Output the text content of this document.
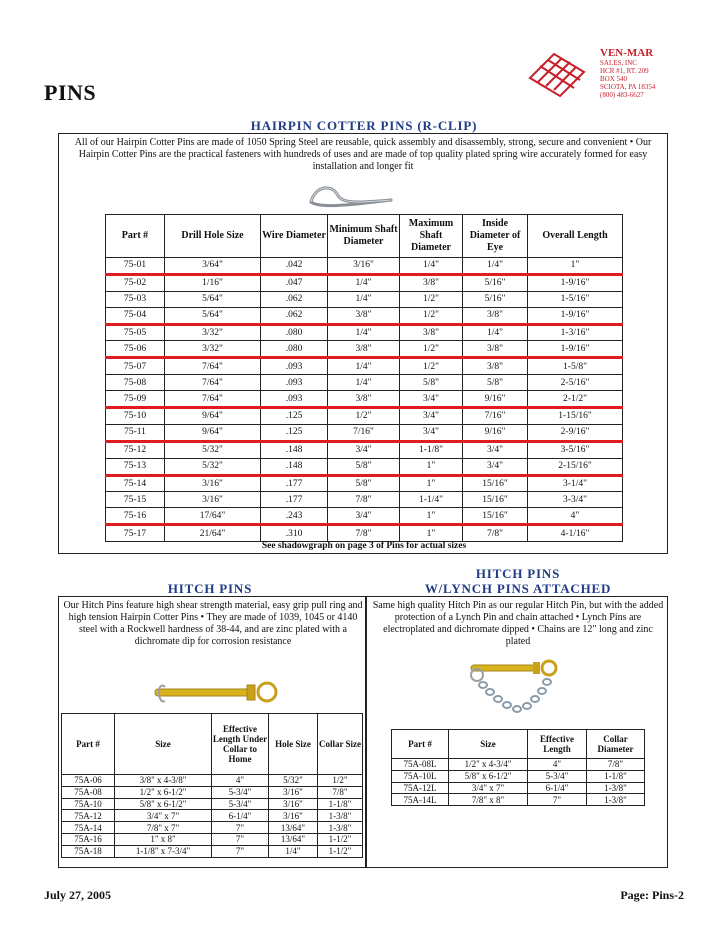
VEN-MAR
SALES, INC
HCR #1, RT. 209
BOX 540
SCIOTA, PA 18354
(800) 483-6627
PINS
HAIRPIN COTTER PINS (R-CLIP)
All of our Hairpin Cotter Pins are made of 1050 Spring Steel are reusable, quick assembly and disassembly, strong, secure and convenient • Our Hairpin Cotter Pins are the practical fasteners with hundreds of uses and are made of top quality plated spring wire accurately formed for easy installation and longer fit
Part #	Drill Hole Size	Wire Diameter	Minimum Shaft Diameter	Maximum Shaft Diameter	Inside Diameter of Eye	Overall Length
75-01	3/64"	.042	3/16"	1/4"	1/4"	1"
75-02	1/16"	.047	1/4"	3/8"	5/16"	1-9/16"
75-03	5/64"	.062	1/4"	1/2"	5/16"	1-5/16"
75-04	5/64"	.062	3/8"	1/2"	3/8"	1-9/16"
75-05	3/32"	.080	1/4"	3/8"	1/4"	1-3/16"
75-06	3/32"	.080	3/8"	1/2"	3/8"	1-9/16"
75-07	7/64"	.093	1/4"	1/2"	3/8"	1-5/8"
75-08	7/64"	.093	1/4"	5/8"	5/8"	2-5/16"
75-09	7/64"	.093	3/8"	3/4"	9/16"	2-1/2"
75-10	9/64"	.125	1/2"	3/4"	7/16"	1-15/16"
75-11	9/64"	.125	7/16"	3/4"	9/16"	2-9/16"
75-12	5/32"	.148	3/4"	1-1/8"	3/4"	3-5/16"
75-13	5/32"	.148	5/8"	1"	3/4"	2-15/16"
75-14	3/16"	.177	5/8"	1"	15/16"	3-1/4"
75-15	3/16"	.177	7/8"	1-1/4"	15/16"	3-3/4"
75-16	17/64"	.243	3/4"	1"	15/16"	4"
75-17	21/64"	.310	7/8"	1"	7/8"	4-1/16"
See shadowgraph on page 3 of Pins for actual sizes
HITCH PINS
HITCH PINS
W/LYNCH PINS ATTACHED
Our Hitch Pins feature high shear strength material, easy grip pull ring and high tension Hairpin Cotter Pins • They are made of 1039, 1045 or 4140 steel with a Rockwell hardness of 38-44, and are zinc plated with a dichromate dip for corrosion resistance
Part #	Size	Effective Length Under Collar to Home	Hole Size	Collar Size
75A-06	3/8" x 4-3/8"	4"	5/32"	1/2"
75A-08	1/2" x 6-1/2"	5-3/4"	3/16"	7/8"
75A-10	5/8" x 6-1/2"	5-3/4"	3/16"	1-1/8"
75A-12	3/4" x 7"	6-1/4"	3/16"	1-3/8"
75A-14	7/8" x 7"	7"	13/64"	1-3/8"
75A-16	1" x 8"	7"	13/64"	1-1/2"
75A-18	1-1/8" x 7-3/4"	7"	1/4"	1-1/2"
Same high quality Hitch Pin as our regular Hitch Pin, but with the added protection of a Lynch Pin and chain attached • Lynch Pins are electroplated and dichromate dipped • Chains are 12" long and zinc plated
Part #	Size	Effective Length	Collar Diameter
75A-08L	1/2" x 4-3/4"	4"	7/8"
75A-10L	5/8" x 6-1/2"	5-3/4"	1-1/8"
75A-12L	3/4" x 7"	6-1/4"	1-3/8"
75A-14L	7/8" x 8"	7"	1-3/8"
July 27, 2005	Page: Pins-2
